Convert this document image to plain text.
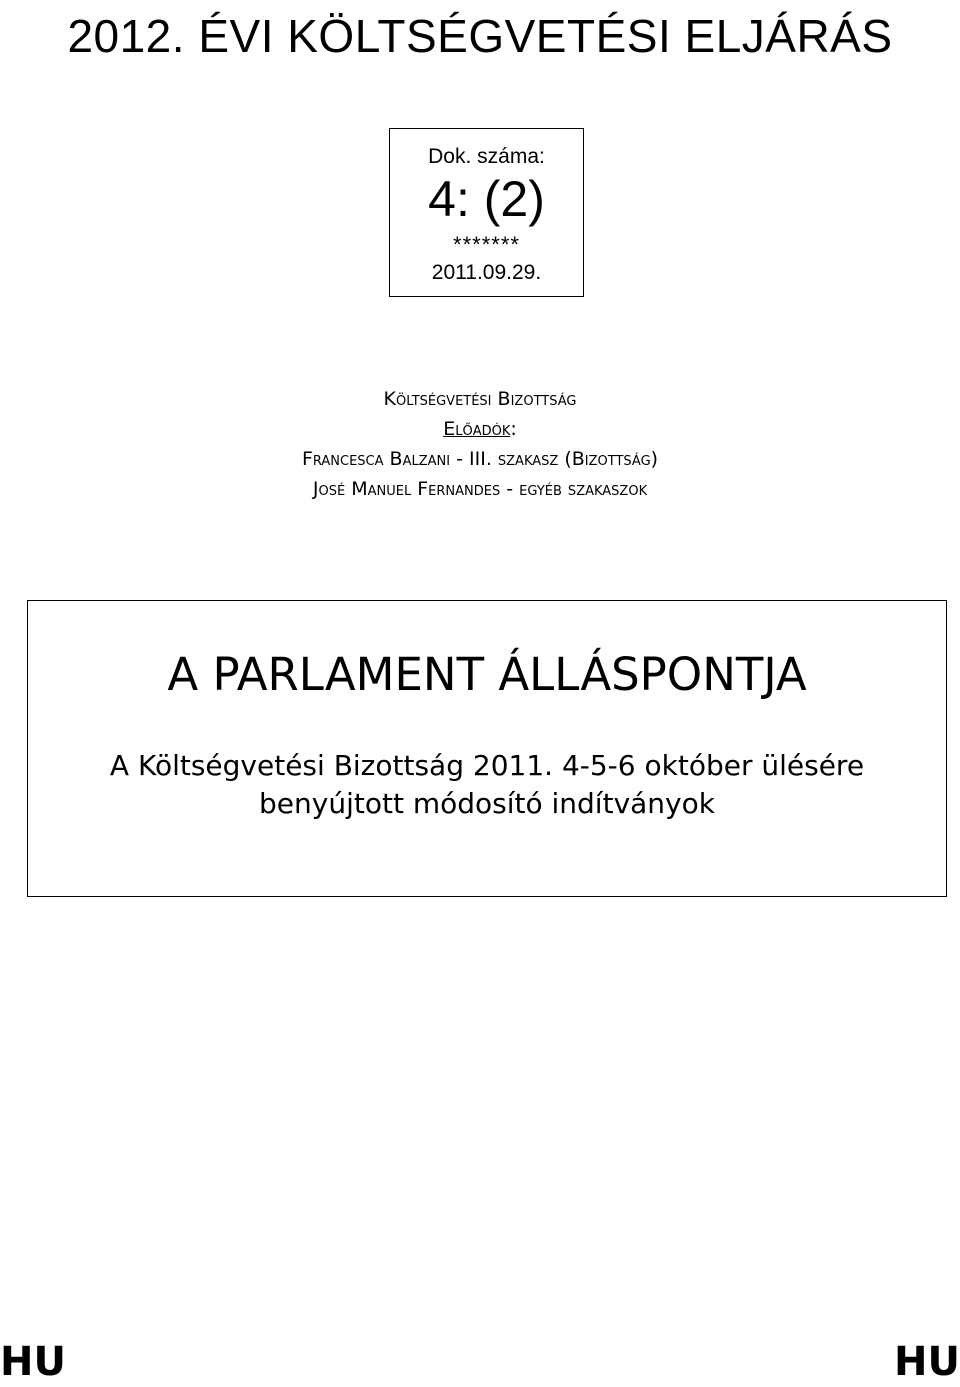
2012. ÉVI KÖLTSÉGVETÉSI ELJÁRÁS
Dok. száma:
4: (2)
*******
2011.09.29.
Költségvetési Bizottság
Előadók:
Francesca Balzani - III. szakasz (Bizottság)
José Manuel Fernandes - egyéb szakaszok
A PARLAMENT ÁLLÁSPONTJA
A Költségvetési Bizottság 2011. 4-5-6 október ülésére
benyújtott módosító indítványok
HU	HU
